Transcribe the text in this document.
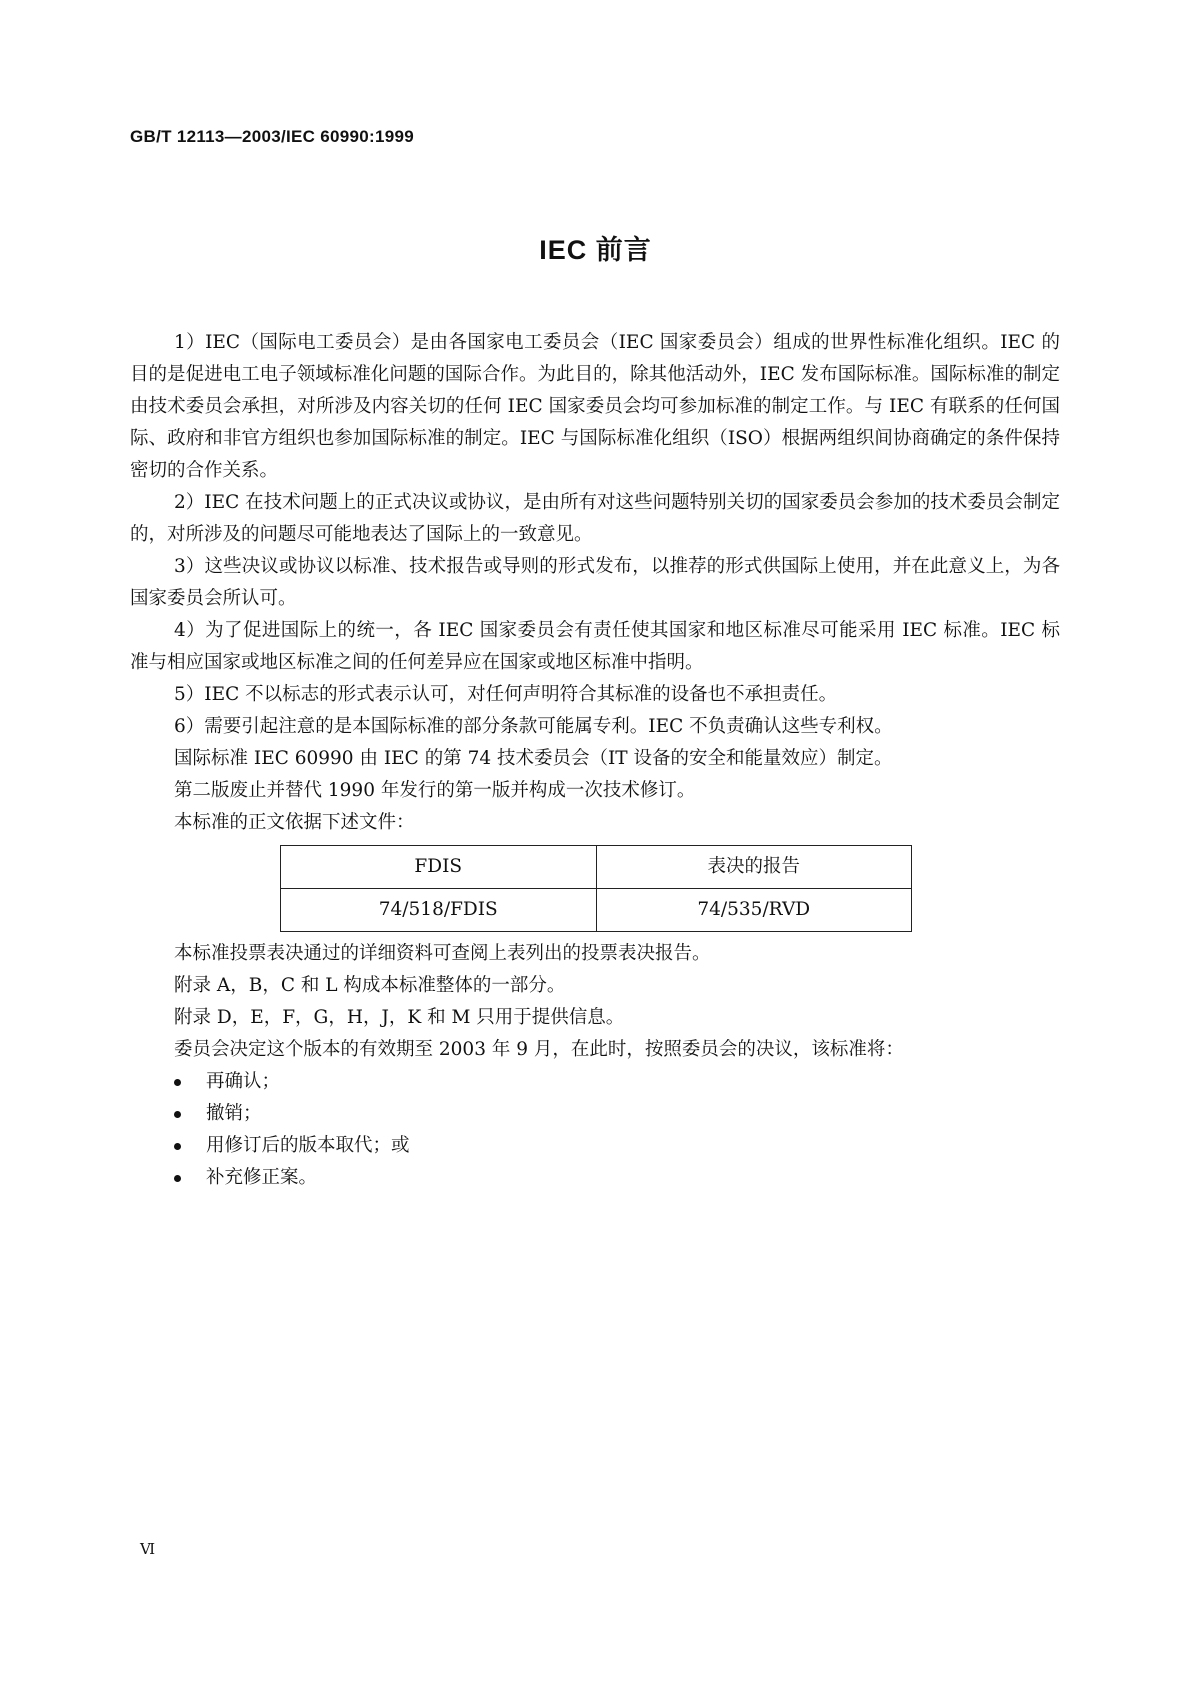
GB/T 12113—2003/IEC 60990:1999
IEC 前言

1）IEC（国际电工委员会）是由各国家电工委员会（IEC 国家委员会）组成的世界性标准化组织。IEC 的目的是促进电工电子领域标准化问题的国际合作。为此目的，除其他活动外，IEC 发布国际标准。国际标准的制定由技术委员会承担，对所涉及内容关切的任何 IEC 国家委员会均可参加标准的制定工作。与 IEC 有联系的任何国际、政府和非官方组织也参加国际标准的制定。IEC 与国际标准化组织（ISO）根据两组织间协商确定的条件保持密切的合作关系。

2）IEC 在技术问题上的正式决议或协议，是由所有对这些问题特别关切的国家委员会参加的技术委员会制定的，对所涉及的问题尽可能地表达了国际上的一致意见。

3）这些决议或协议以标准、技术报告或导则的形式发布，以推荐的形式供国际上使用，并在此意义上，为各国家委员会所认可。

4）为了促进国际上的统一，各 IEC 国家委员会有责任使其国家和地区标准尽可能采用 IEC 标准。IEC 标准与相应国家或地区标准之间的任何差异应在国家或地区标准中指明。

5）IEC 不以标志的形式表示认可，对任何声明符合其标准的设备也不承担责任。

6）需要引起注意的是本国际标准的部分条款可能属专利。IEC 不负责确认这些专利权。

国际标准 IEC 60990 由 IEC 的第 74 技术委员会（IT 设备的安全和能量效应）制定。

第二版废止并替代 1990 年发行的第一版并构成一次技术修订。

本标准的正文依据下述文件：

FDIS	表决的报告
74/518/FDIS	74/535/RVD

本标准投票表决通过的详细资料可查阅上表列出的投票表决报告。

附录 A，B，C 和 L 构成本标准整体的一部分。

附录 D，E，F，G，H，J，K 和 M 只用于提供信息。

委员会决定这个版本的有效期至 2003 年 9 月，在此时，按照委员会的决议，该标准将：

再确认；
撤销；
用修订后的版本取代；或
补充修正案。
Ⅵ
